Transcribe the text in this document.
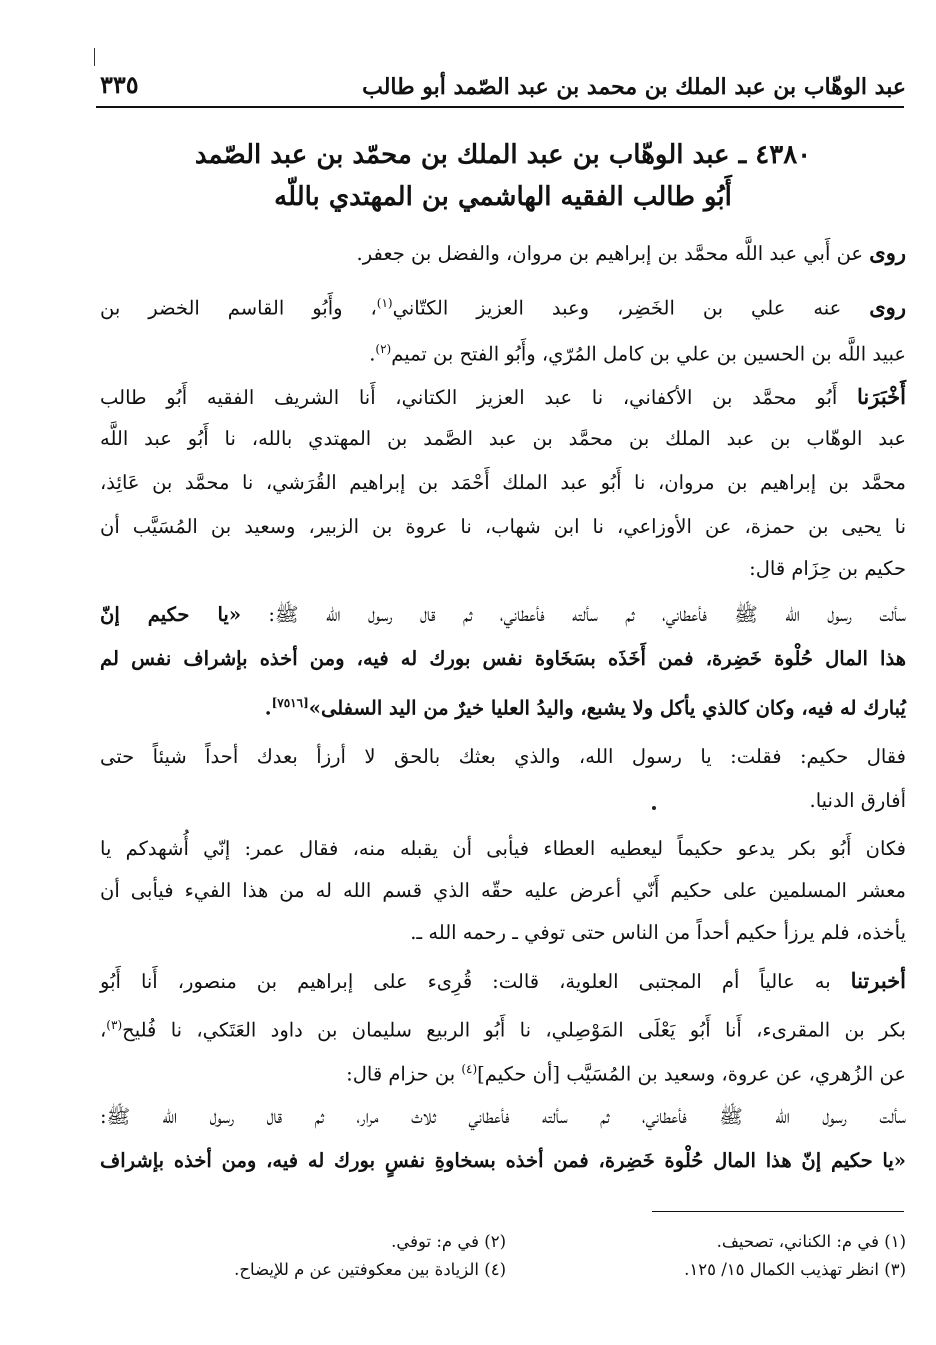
عبد الوهّاب بن عبد الملك بن محمد بن عبد الصّمد أبو طالب
٣٣٥
٤٣٨٠ ـ عبد الوهّاب بن عبد الملك بن محمّد بن عبد الصّمد
أَبُو طالب الفقيه الهاشمي بن المهتدي باللّه
روى عن أَبي عبد اللَّه محمَّد بن إبراهيم بن مروان، والفضل بن جعفر.
روى عنه علي بن الخَضِر، وعبد العزيز الكتّاني$^{(١)}$، وأَبُو القاسم الخضر بن
عبيد اللَّه بن الحسين بن علي بن كامل المُرّي، وأَبُو الفتح بن تميم$^{(٢)}$.
أَخْبَرَنا أَبُو محمَّد بن الأكفاني، نا عبد العزيز الكتاني، أَنا الشريف الفقيه أَبُو طالب
عبد الوهّاب بن عبد الملك بن محمَّد بن عبد الصَّمد بن المهتدي بالله، نا أَبُو عبد اللَّه
محمَّد بن إبراهيم بن مروان، نا أَبُو عبد الملك أَحْمَد بن إبراهيم القُرَشي، نا محمَّد بن عَائِذ،
نا يحيى بن حمزة، عن الأوزاعي، نا ابن شهاب، نا عروة بن الزبير، وسعيد بن المُسَيَّب أن
حكيم بن حِزَام قال:
سألت رسول الله ﷺ فأعطاني، ثم سألته فأعطاني، ثم قال رسول الله ﷺ: «يا حكيم إنّ
هذا المال حُلْوة خَضِرة، فمن أَخَذَه بسَخَاوة نفس بورك له فيه، ومن أخذه بإشراف نفس لم
يُبارك له فيه، وكان كالذي يأكل ولا يشبع، واليدُ العليا خيرٌ من اليد السفلى»[٧٥١٦].
فقال حكيم: فقلت: يا رسول الله، والذي بعثك بالحق لا أرزأ بعدك أحداً شيئاً حتى
أفارق الدنيا.
فكان أَبُو بكر يدعو حكيماً ليعطيه العطاء فيأبى أن يقبله منه، فقال عمر: إنّي أُشهدكم يا
معشر المسلمين على حكيم أَنّي أعرض عليه حقّه الذي قسم الله له من هذا الفيء فيأبى أن
يأخذه، فلم يرزأ حكيم أحداً من الناس حتى توفي ـ رحمه الله ـ.
أخبرتنا به عالياً أم المجتبى العلوية، قالت: قُرِىء على إبراهيم بن منصور، أَنا أَبُو
بكر بن المقرىء، أَنا أَبُو يَعْلَى المَوْصِلي، نا أَبُو الربيع سليمان بن داود العَتَكي، نا فُليح$^{(٣)}$،
عن الزُهري، عن عروة، وسعيد بن المُسَيَّب [أن حكيم]$^{(٤)}$ بن حزام قال:
سألت رسول الله ﷺ فأعطاني، ثم سألته فأعطاني ثلاث مرار، ثم قال رسول الله ﷺ:
«يا حكيم إنّ هذا المال حُلْوة خَضِرة، فمن أخذه بسخاوةِ نفسٍ بورك له فيه، ومن أخذه بإشراف
(١) في م: الكناني، تصحيف.
(٢) في م: توفي.
(٣) انظر تهذيب الكمال ١٥/ ١٢٥.
(٤) الزيادة بين معكوفتين عن م للإيضاح.
